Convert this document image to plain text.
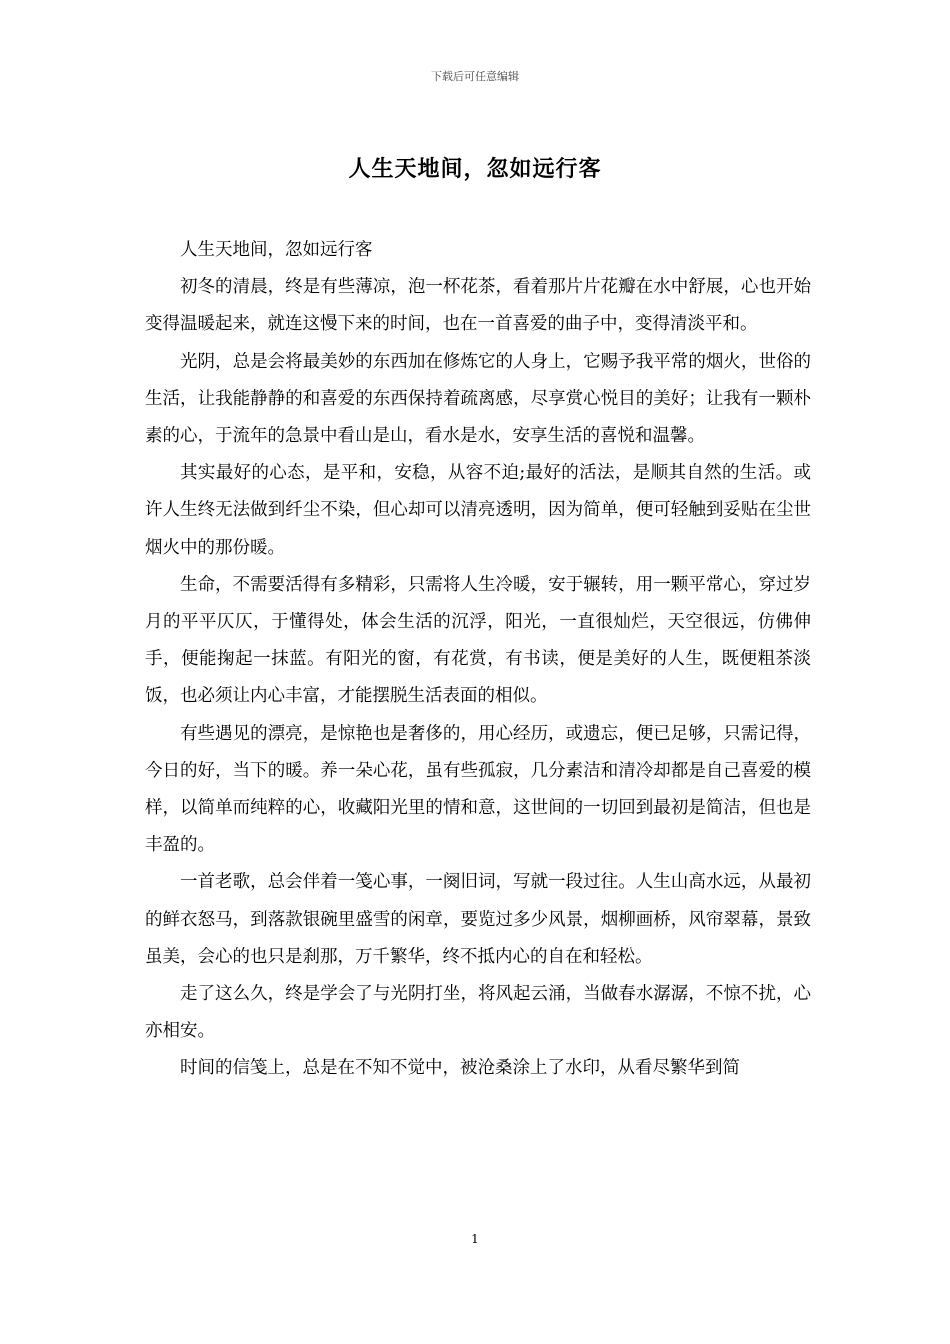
下载后可任意编辑
人生天地间，忽如远行客

人生天地间，忽如远行客

初冬的清晨，终是有些薄凉，泡一杯花茶，看着那片片花瓣在水中舒展，心也开始变得温暖起来，就连这慢下来的时间，也在一首喜爱的曲子中，变得清淡平和。

光阴，总是会将最美妙的东西加在修炼它的人身上，它赐予我平常的烟火，世俗的生活，让我能静静的和喜爱的东西保持着疏离感，尽享赏心悦目的美好；让我有一颗朴素的心，于流年的急景中看山是山，看水是水，安享生活的喜悦和温馨。

其实最好的心态，是平和，安稳，从容不迫;最好的活法，是顺其自然的生活。或许人生终无法做到纤尘不染，但心却可以清亮透明，因为简单，便可轻触到妥贴在尘世烟火中的那份暖。

生命，不需要活得有多精彩，只需将人生冷暖，安于辗转，用一颗平常心，穿过岁月的平平仄仄，于懂得处，体会生活的沉浮，阳光，一直很灿烂，天空很远，仿佛伸手，便能掬起一抹蓝。有阳光的窗，有花赏，有书读，便是美好的人生，既便粗茶淡饭，也必须让内心丰富，才能摆脱生活表面的相似。

有些遇见的漂亮，是惊艳也是奢侈的，用心经历，或遗忘，便已足够，只需记得，今日的好，当下的暖。养一朵心花，虽有些孤寂，几分素洁和清冷却都是自己喜爱的模样，以简单而纯粹的心，收藏阳光里的情和意，这世间的一切回到最初是简洁，但也是丰盈的。

一首老歌，总会伴着一笺心事，一阕旧词，写就一段过往。人生山高水远，从最初的鲜衣怒马，到落款银碗里盛雪的闲章，要览过多少风景，烟柳画桥，风帘翠幕，景致虽美，会心的也只是刹那，万千繁华，终不抵内心的自在和轻松。

走了这么久，终是学会了与光阴打坐，将风起云涌，当做春水潺潺，不惊不扰，心亦相安。

时间的信笺上，总是在不知不觉中，被沧桑涂上了水印，从看尽繁华到简

1
